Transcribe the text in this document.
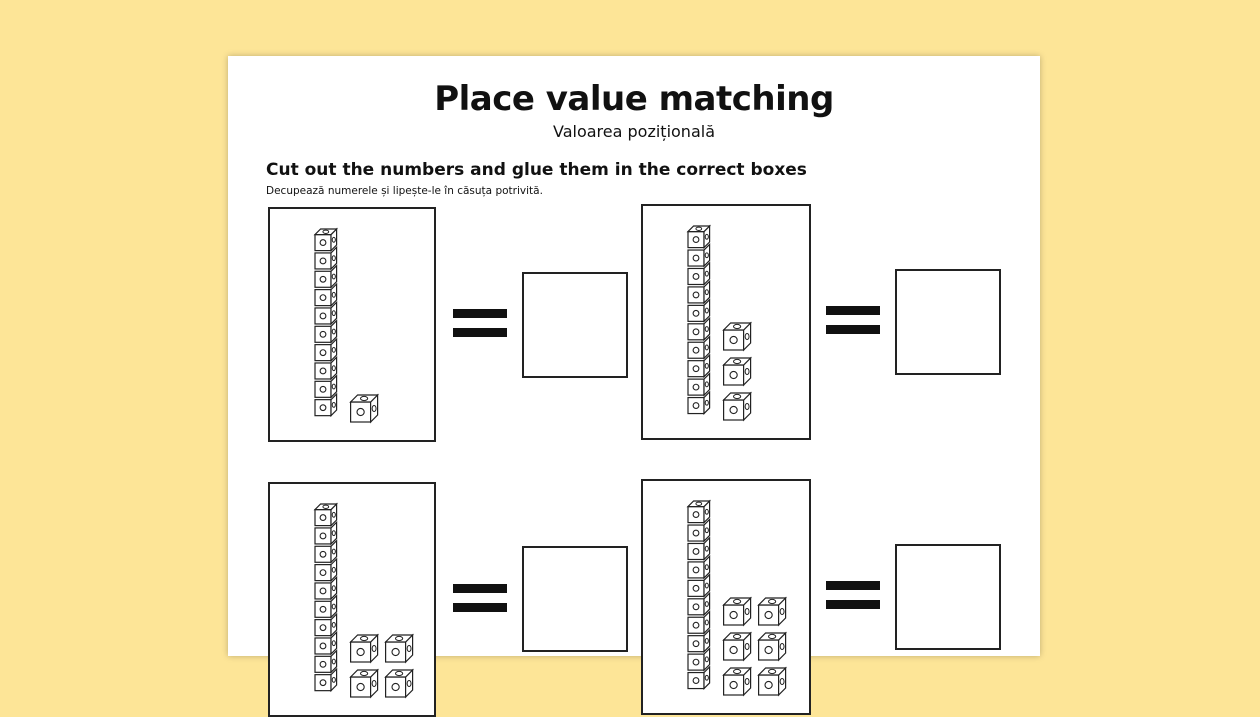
Place value matching
Valoarea pozițională
Cut out the numbers and glue them in the correct boxes
Decupează numerele și lipește-le în căsuța potrivită.
